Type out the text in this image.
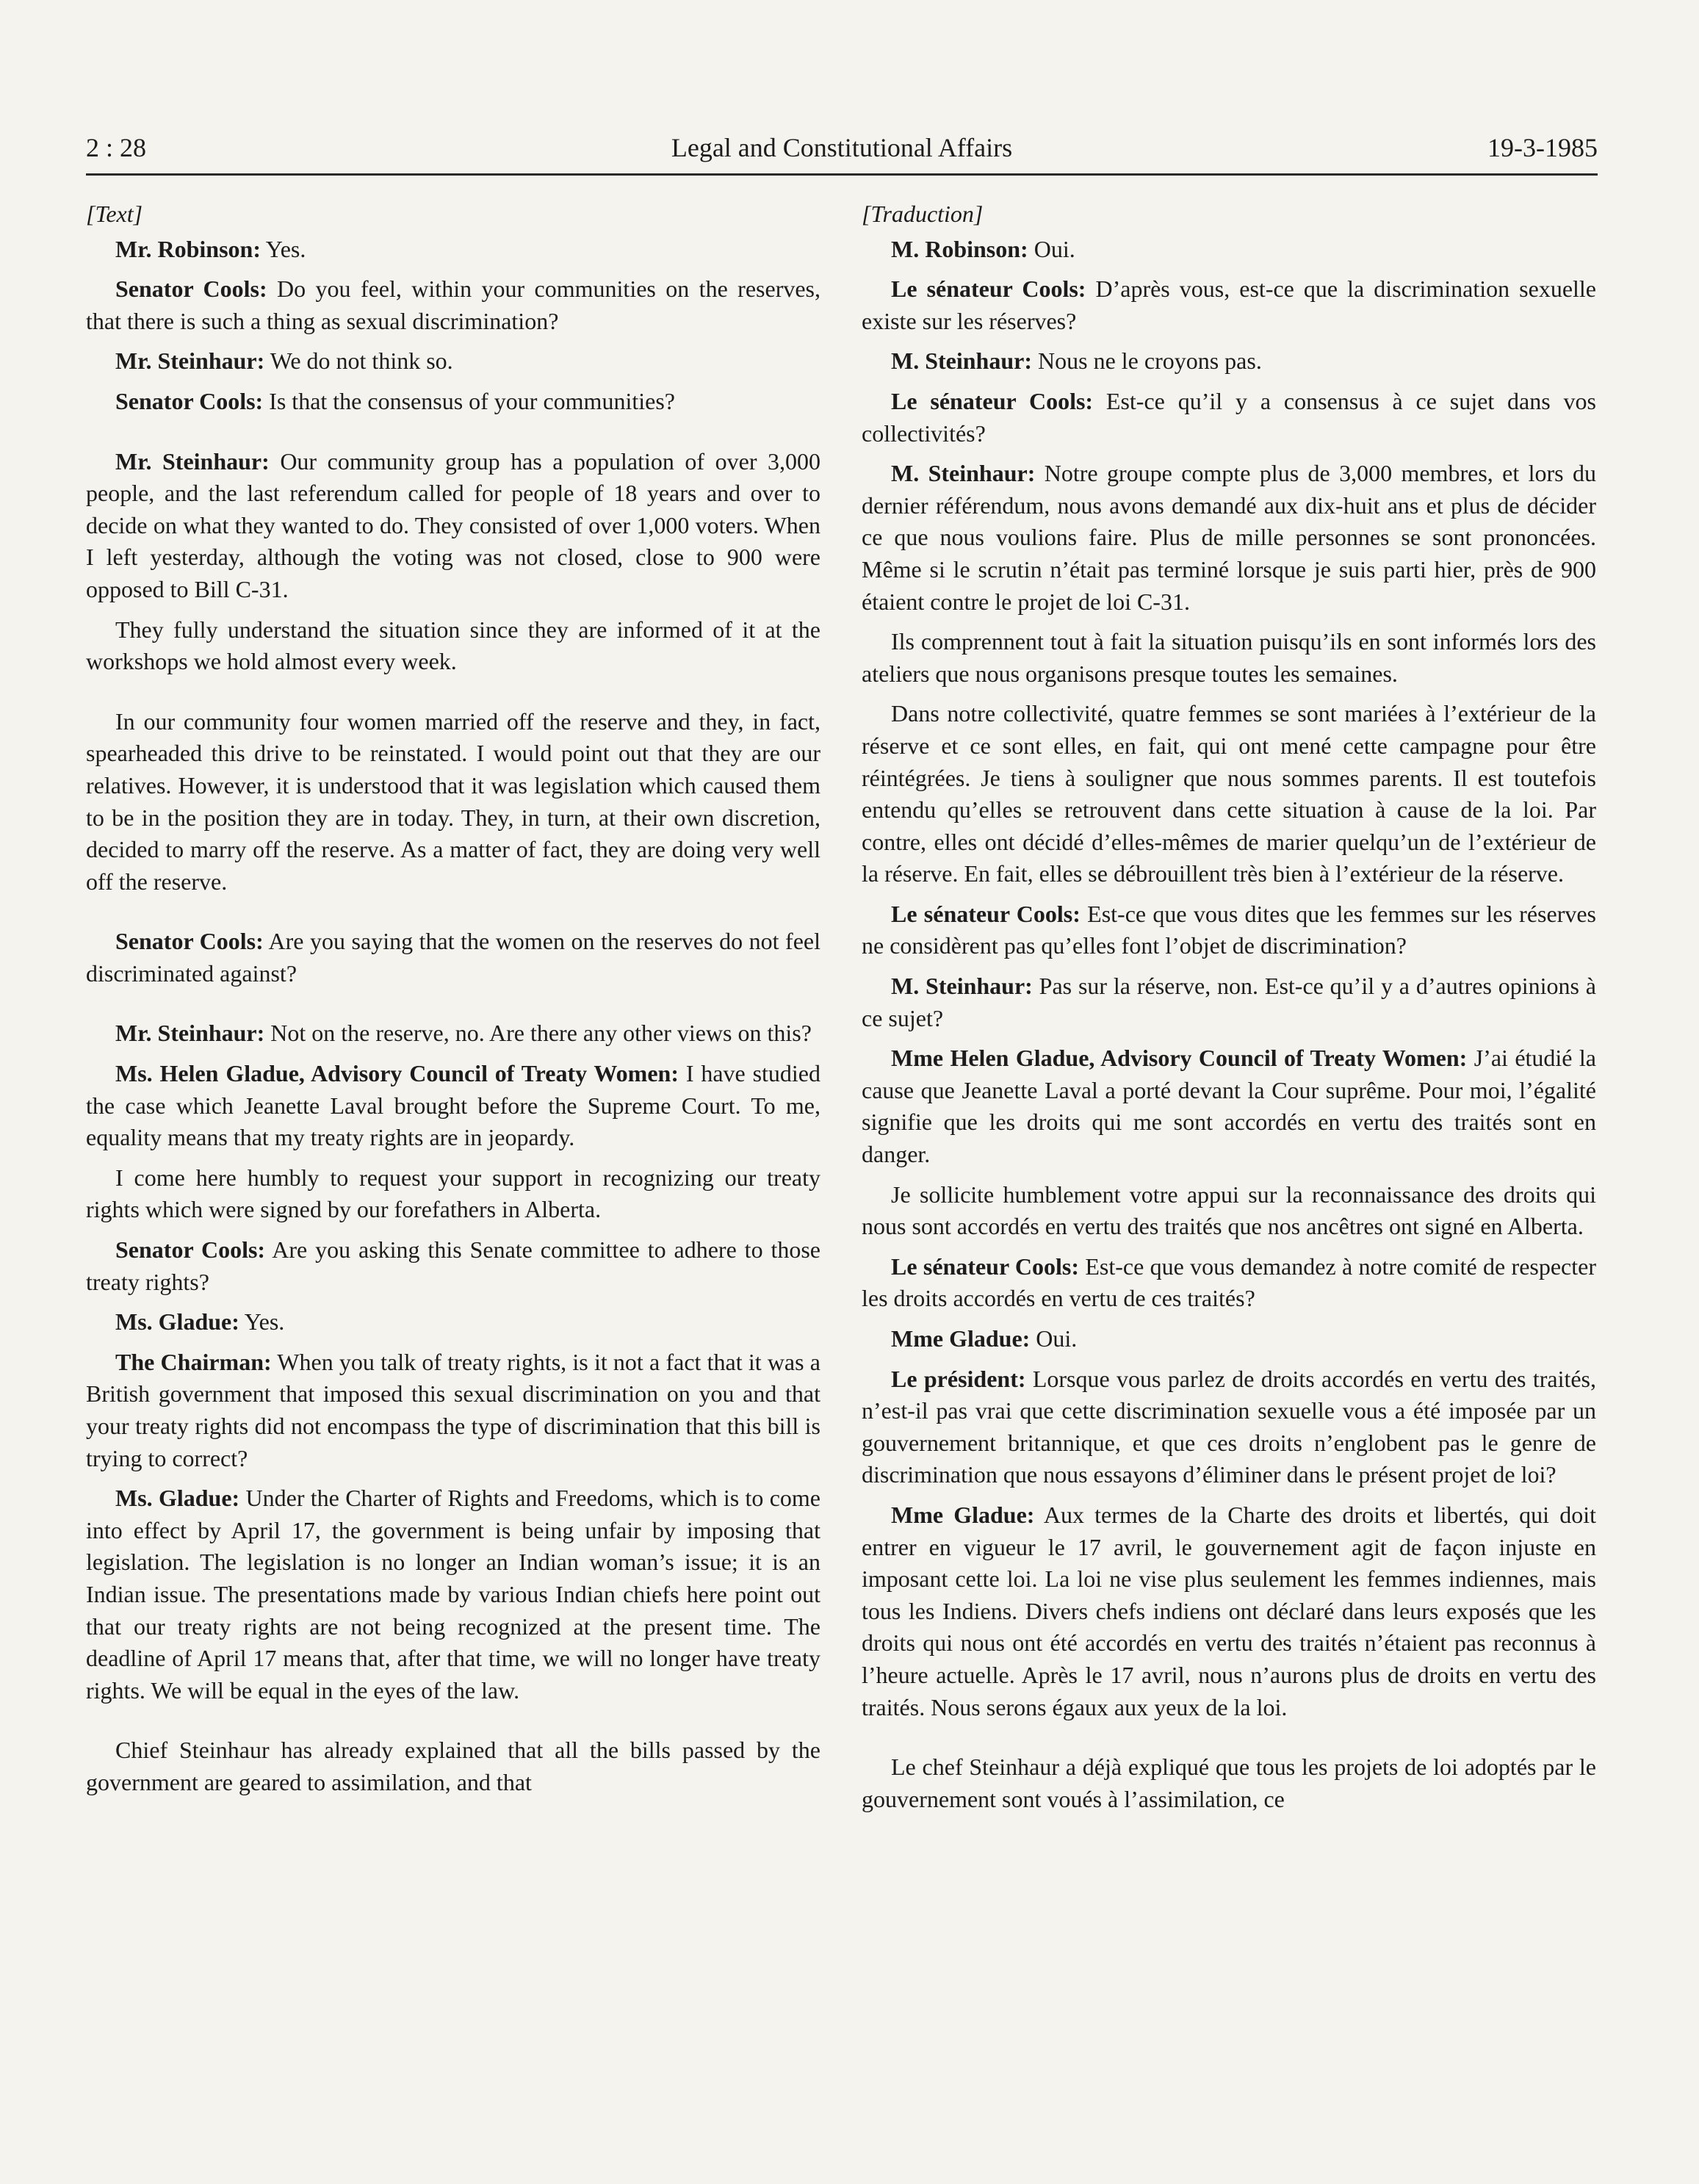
2 : 28	Legal and Constitutional Affairs	19-3-1985

[Text]

Mr. Robinson: Yes.

Senator Cools: Do you feel, within your communities on the reserves, that there is such a thing as sexual discrimination?

Mr. Steinhaur: We do not think so.

Senator Cools: Is that the consensus of your communities?

Mr. Steinhaur: Our community group has a population of over 3,000 people, and the last referendum called for people of 18 years and over to decide on what they wanted to do. They consisted of over 1,000 voters. When I left yesterday, although the voting was not closed, close to 900 were opposed to Bill C-31.

They fully understand the situation since they are informed of it at the workshops we hold almost every week.

In our community four women married off the reserve and they, in fact, spearheaded this drive to be reinstated. I would point out that they are our relatives. However, it is understood that it was legislation which caused them to be in the position they are in today. They, in turn, at their own discretion, decided to marry off the reserve. As a matter of fact, they are doing very well off the reserve.

Senator Cools: Are you saying that the women on the reserves do not feel discriminated against?

Mr. Steinhaur: Not on the reserve, no. Are there any other views on this?

Ms. Helen Gladue, Advisory Council of Treaty Women: I have studied the case which Jeanette Laval brought before the Supreme Court. To me, equality means that my treaty rights are in jeopardy.

I come here humbly to request your support in recognizing our treaty rights which were signed by our forefathers in Alberta.

Senator Cools: Are you asking this Senate committee to adhere to those treaty rights?

Ms. Gladue: Yes.

The Chairman: When you talk of treaty rights, is it not a fact that it was a British government that imposed this sexual discrimination on you and that your treaty rights did not encompass the type of discrimination that this bill is trying to correct?

Ms. Gladue: Under the Charter of Rights and Freedoms, which is to come into effect by April 17, the government is being unfair by imposing that legislation. The legislation is no longer an Indian woman’s issue; it is an Indian issue. The presentations made by various Indian chiefs here point out that our treaty rights are not being recognized at the present time. The deadline of April 17 means that, after that time, we will no longer have treaty rights. We will be equal in the eyes of the law.

Chief Steinhaur has already explained that all the bills passed by the government are geared to assimilation, and that

[Traduction]

M. Robinson: Oui.

Le sénateur Cools: D’après vous, est-ce que la discrimination sexuelle existe sur les réserves?

M. Steinhaur: Nous ne le croyons pas.

Le sénateur Cools: Est-ce qu’il y a consensus à ce sujet dans vos collectivités?

M. Steinhaur: Notre groupe compte plus de 3,000 membres, et lors du dernier référendum, nous avons demandé aux dix-huit ans et plus de décider ce que nous voulions faire. Plus de mille personnes se sont prononcées. Même si le scrutin n’était pas terminé lorsque je suis parti hier, près de 900 étaient contre le projet de loi C-31.

Ils comprennent tout à fait la situation puisqu’ils en sont informés lors des ateliers que nous organisons presque toutes les semaines.

Dans notre collectivité, quatre femmes se sont mariées à l’extérieur de la réserve et ce sont elles, en fait, qui ont mené cette campagne pour être réintégrées. Je tiens à souligner que nous sommes parents. Il est toutefois entendu qu’elles se retrouvent dans cette situation à cause de la loi. Par contre, elles ont décidé d’elles-mêmes de marier quelqu’un de l’extérieur de la réserve. En fait, elles se débrouillent très bien à l’extérieur de la réserve.

Le sénateur Cools: Est-ce que vous dites que les femmes sur les réserves ne considèrent pas qu’elles font l’objet de discrimination?

M. Steinhaur: Pas sur la réserve, non. Est-ce qu’il y a d’autres opinions à ce sujet?

Mme Helen Gladue, Advisory Council of Treaty Women: J’ai étudié la cause que Jeanette Laval a porté devant la Cour suprême. Pour moi, l’égalité signifie que les droits qui me sont accordés en vertu des traités sont en danger.

Je sollicite humblement votre appui sur la reconnaissance des droits qui nous sont accordés en vertu des traités que nos ancêtres ont signé en Alberta.

Le sénateur Cools: Est-ce que vous demandez à notre comité de respecter les droits accordés en vertu de ces traités?

Mme Gladue: Oui.

Le président: Lorsque vous parlez de droits accordés en vertu des traités, n’est-il pas vrai que cette discrimination sexuelle vous a été imposée par un gouvernement britannique, et que ces droits n’englobent pas le genre de discrimination que nous essayons d’éliminer dans le présent projet de loi?

Mme Gladue: Aux termes de la Charte des droits et libertés, qui doit entrer en vigueur le 17 avril, le gouvernement agit de façon injuste en imposant cette loi. La loi ne vise plus seulement les femmes indiennes, mais tous les Indiens. Divers chefs indiens ont déclaré dans leurs exposés que les droits qui nous ont été accordés en vertu des traités n’étaient pas reconnus à l’heure actuelle. Après le 17 avril, nous n’aurons plus de droits en vertu des traités. Nous serons égaux aux yeux de la loi.

Le chef Steinhaur a déjà expliqué que tous les projets de loi adoptés par le gouvernement sont voués à l’assimilation, ce
